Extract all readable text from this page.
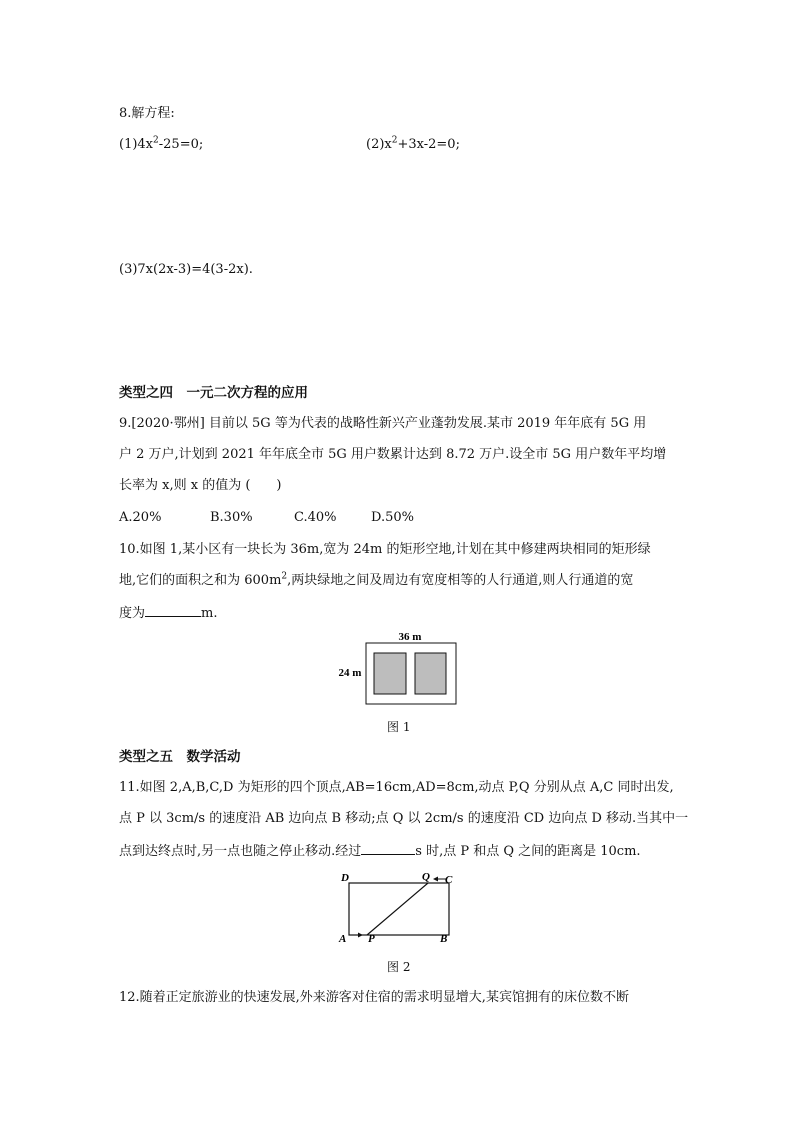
8.解方程:
$(1)4x^2-25=0$;	$(2)x^2+3x-2=0$;
(3)7x(2x-3)=4(3-2x).
类型之四　一元二次方程的应用
9.[2020·鄂州] 目前以 5G 等为代表的战略性新兴产业蓬勃发展.某市 2019 年年底有 5G 用
户 2 万户,计划到 2021 年年底全市 5G 用户数累计达到 8.72 万户.设全市 5G 用户数年平均增
长率为 x,则 x 的值为 (　　)
A.20%	B.30%	C.40%	D.50%
10.如图 1,某小区有一块长为 36m,宽为 24m 的矩形空地,计划在其中修建两块相同的矩形绿
地,它们的面积之和为 $600m^2$,两块绿地之间及周边有宽度相等的人行通道,则人行通道的宽
度为	m.
36 m
24 m
图 1
类型之五　数学活动
11.如图 2,A,B,C,D 为矩形的四个顶点,AB=16cm,AD=8cm,动点 P,Q 分别从点 A,C 同时出发,
点 P 以 3cm/s 的速度沿 AB 边向点 B 移动;点 Q 以 2cm/s 的速度沿 CD 边向点 D 移动.当其中一
点到达终点时,另一点也随之停止移动.经过	s 时,点 P 和点 Q 之间的距离是 10cm.
D	Q C
A P	B
图 2
12.随着正定旅游业的快速发展,外来游客对住宿的需求明显增大,某宾馆拥有的床位数不断
